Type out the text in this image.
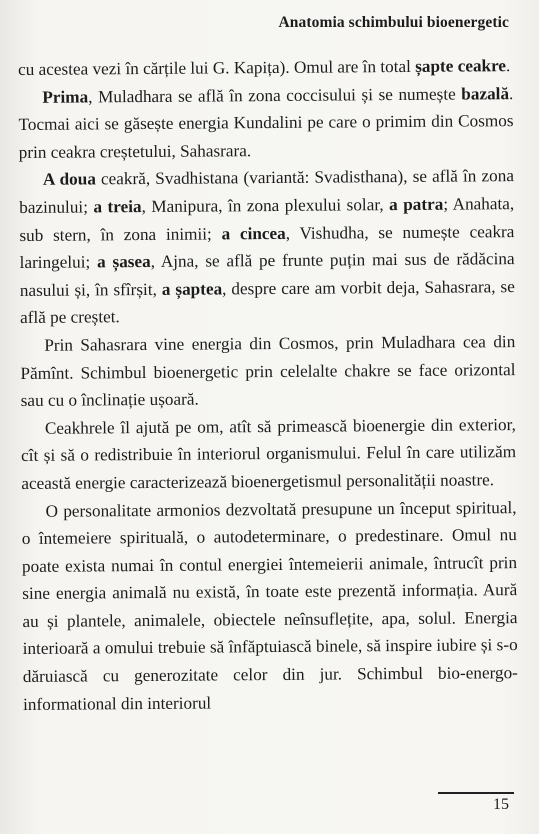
Anatomia schimbului bioenergetic

cu acestea vezi în cărțile lui G. Kapița). Omul are în total șapte ceakre.

Prima, Muladhara se află în zona coccisului și se numește bazală. Tocmai aici se găsește energia Kundalini pe care o primim din Cosmos prin ceakra creștetului, Sahasrara.

A doua ceakră, Svadhistana (variantă: Svadisthana), se află în zona bazinului; a treia, Manipura, în zona plexului solar, a patra; Anahata, sub stern, în zona inimii; a cincea, Vishudha, se numește ceakra laringelui; a șasea, Ajna, se află pe frunte puțin mai sus de rădăcina nasului și, în sfîrșit, a șaptea, despre care am vorbit deja, Sahasrara, se află pe creștet.

Prin Sahasrara vine energia din Cosmos, prin Muladhara cea din Pămînt. Schimbul bioenergetic prin celelalte chakre se face orizontal sau cu o înclinație ușoară.

Ceakhrele îl ajută pe om, atît să primească bioenergie din exterior, cît și să o redistribuie în interiorul organismului. Felul în care utilizăm această energie caracterizează bioenergetismul personalității noastre.

O personalitate armonios dezvoltată presupune un început spiritual, o întemeiere spirituală, o autodeterminare, o predestinare. Omul nu poate exista numai în contul energiei întemeierii animale, întrucît prin sine energia animală nu există, în toate este prezentă informația. Aură au și plantele, animalele, obiectele neînsuflețite, apa, solul. Energia interioară a omului trebuie să înfăptuiască binele, să inspire iubire și s-o dăruiască cu generozitate celor din jur. Schimbul bio-energo-informational din interiorul

15
